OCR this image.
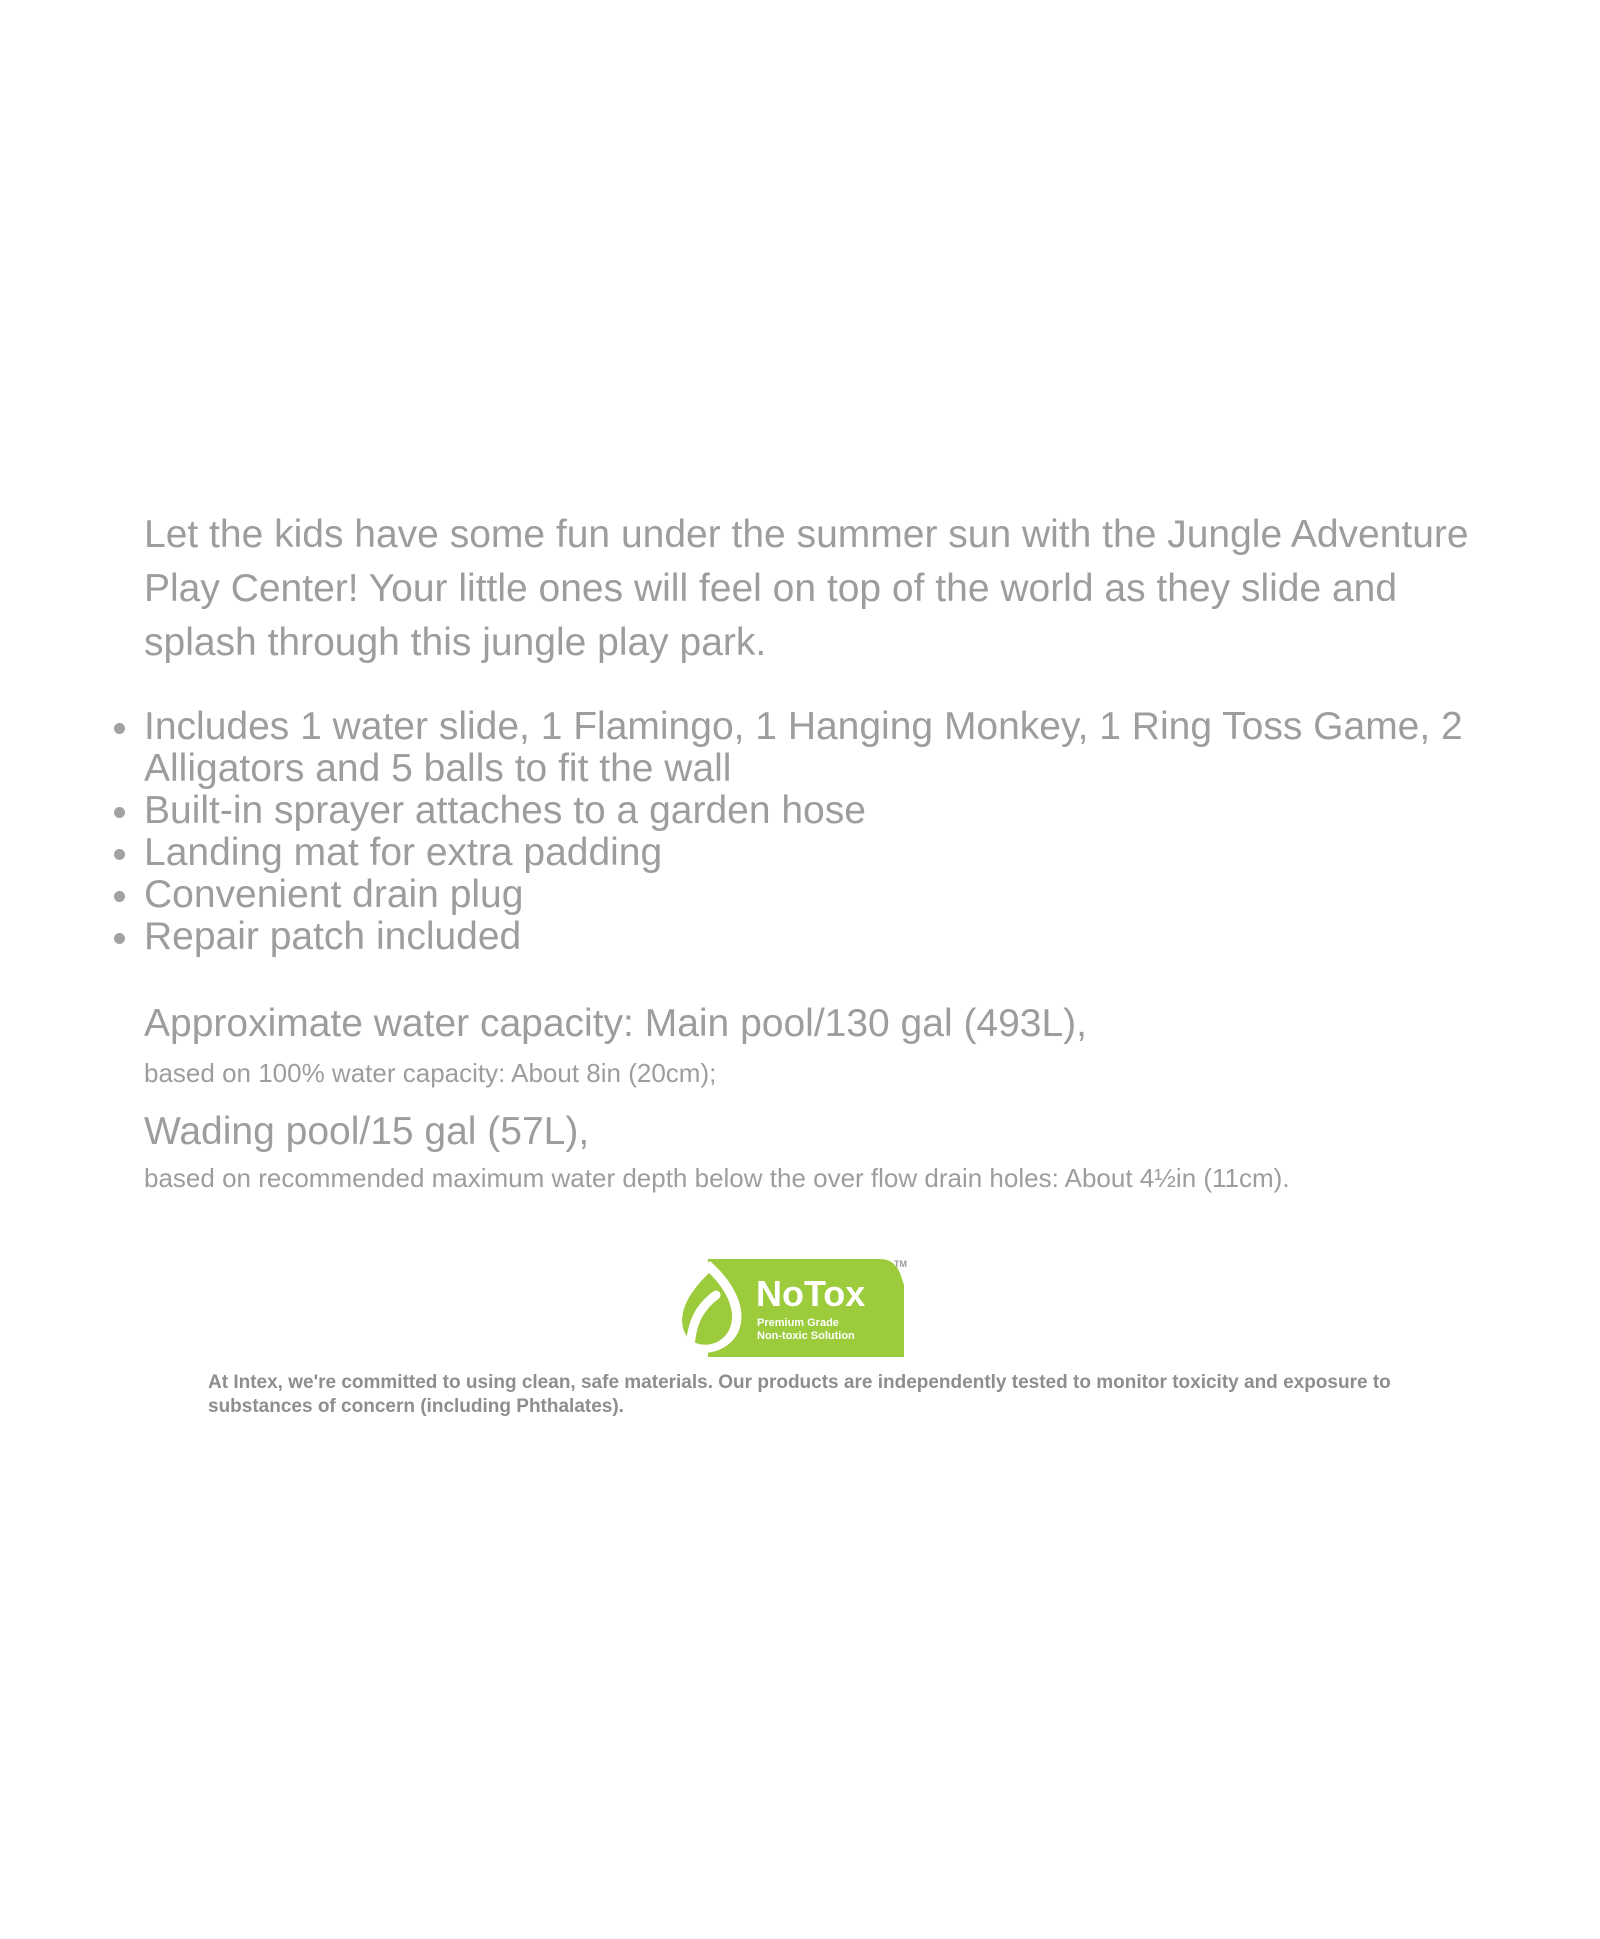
Let the kids have some fun under the summer sun with the Jungle Adventure Play Center! Your little ones will feel on top of the world as they slide and splash through this jungle play park.

Includes 1 water slide, 1 Flamingo, 1 Hanging Monkey, 1 Ring Toss Game, 2 Alligators and 5 balls to fit the wall
Built-in sprayer attaches to a garden hose
Landing mat for extra padding
Convenient drain plug
Repair patch included

Approximate water capacity: Main pool/130 gal (493L),

based on 100% water capacity: About 8in (20cm);

Wading pool/15 gal (57L),

based on recommended maximum water depth below the over flow drain holes: About 4½in (11cm).

NoTox
TM
Premium Grade
Non-toxic Solution

At Intex, we're committed to using clean, safe materials. Our products are independently tested to monitor toxicity and exposure to substances of concern (including Phthalates).
